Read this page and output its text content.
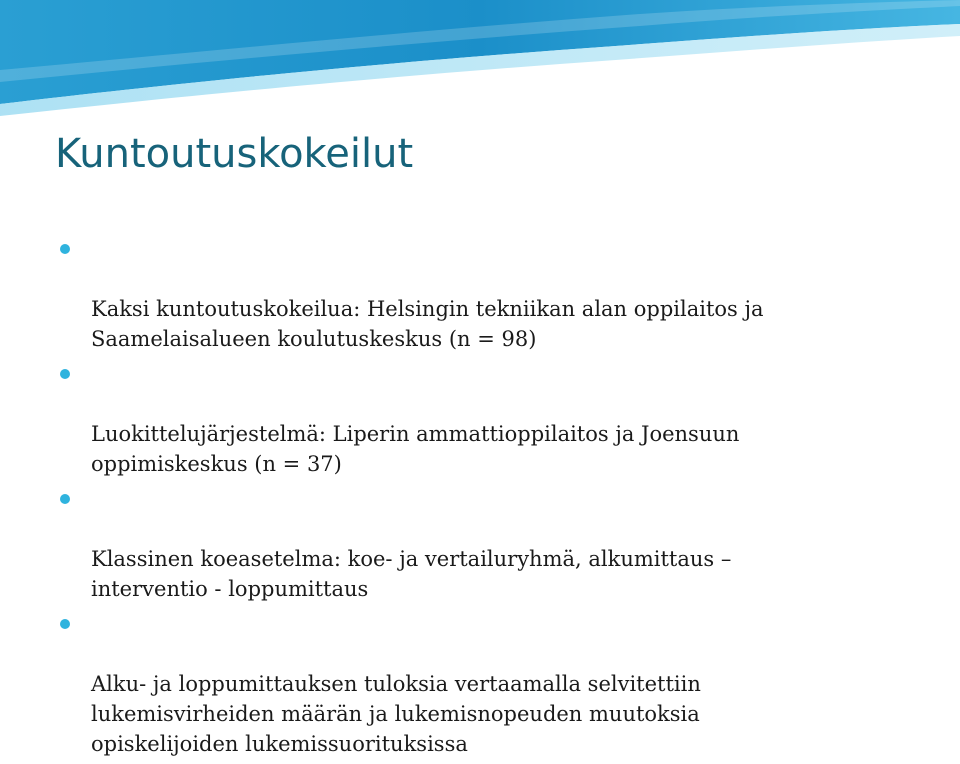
Kuntoutuskokeilut

Kaksi kuntoutuskokeilua: Helsingin tekniikan alan oppilaitos ja
Saamelaisalueen koulutuskeskus (n = 98)

Luokittelujärjestelmä: Liperin ammattioppilaitos ja Joensuun
oppimiskeskus (n = 37)

Klassinen koeasetelma: koe- ja vertailuryhmä, alkumittaus –
interventio - loppumittaus

Alku- ja loppumittauksen tuloksia vertaamalla selvitettiin
lukemisvirheiden määrän ja lukemisnopeuden muutoksia
opiskelijoiden lukemissuorituksissa
